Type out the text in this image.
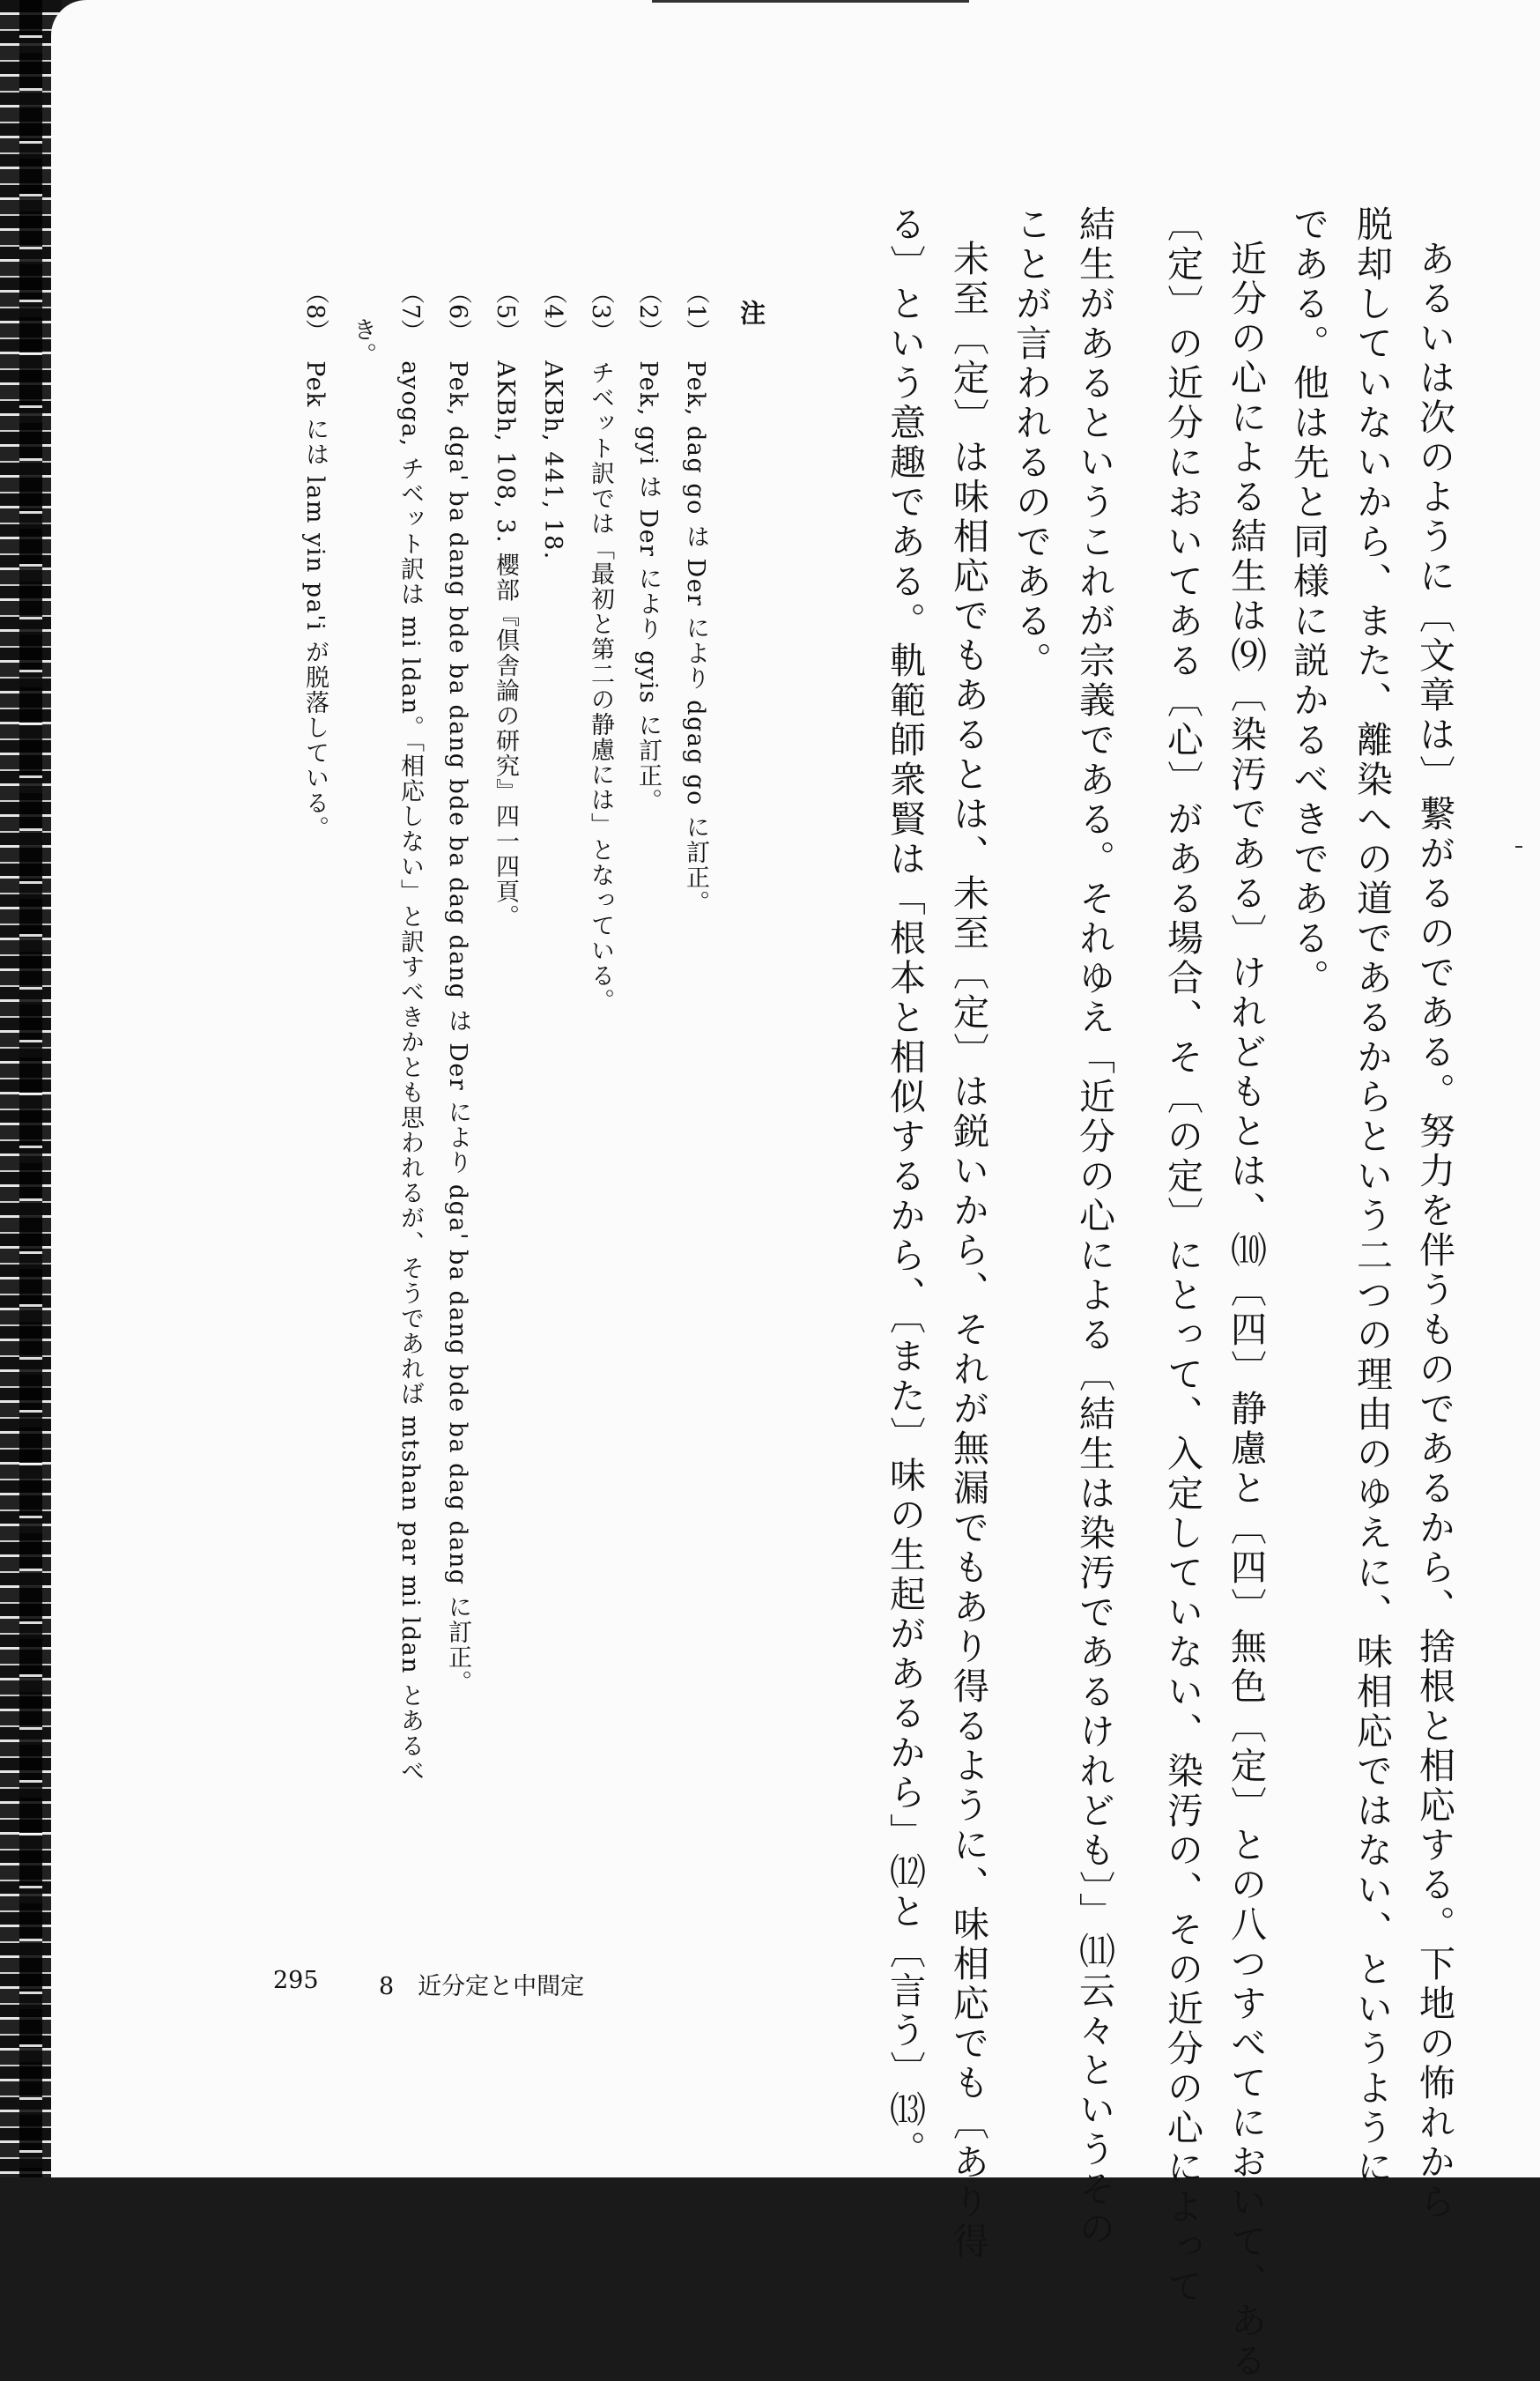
あるいは次のように〔文章は〕繋がるのである。努力を伴うものであるから、捨根と相応する。下地の怖れから
脱却していないから、また、離染への道であるからという二つの理由のゆえに、味相応ではない、というように
である。他は先と同様に説かるべきである。
近分の心による結生は⑼〔染汚である〕けれどもとは、⑽〔四〕静慮と〔四〕無色〔定〕との八つすべてにおいて、ある
〔定〕の近分においてある〔心〕がある場合、そ〔の定〕にとって、入定していない、染汚の、その近分の心によって
結生があるというこれが宗義である。それゆえ「近分の心による〔結生は染汚であるけれども〕」⑾云々というその
ことが言われるのである。
未至〔定〕は味相応でもあるとは、未至〔定〕は鋭いから、それが無漏でもあり得るように、味相応でも〔あり得
る〕という意趣である。軌範師衆賢は「根本と相似するから、〔また〕味の生起があるから」⑿と〔言う〕⒀。
注
（1）Pek, dag go は Der により dgag go に訂正。
（2）Pek, gyi は Der により gyis に訂正。
（3）チベット訳では「最初と第二の静慮には」となっている。
（4）AKBh, 441, 18.
（5）AKBh, 108, 3. 櫻部『倶舎論の研究』四一四頁。
（6）Pek, dga' ba dang bde ba dang bde ba dag dang は Der により dga' ba dang bde ba dag dang に訂正。
（7）ayoga, チベット訳は mi ldan。「相応しない」と訳すべきかとも思われるが、そうであれば mtshan par mi ldan とあるべ
き。
（8）Pek には lam yin pa'i が脱落している。
295	8　近分定と中間定
